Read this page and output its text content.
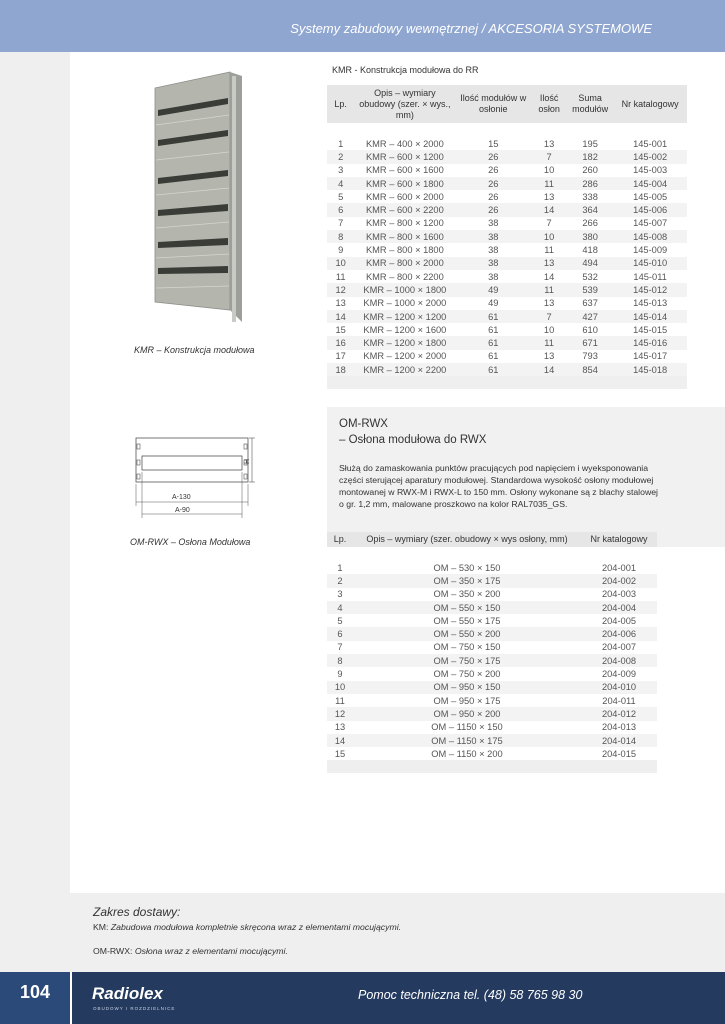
Systemy zabudowy wewnętrznej / AKCESORIA SYSTEMOWE
KMR – Konstrukcja modułowa
KMR - Konstrukcja modułowa do RR
Lp.	Opis – wymiary obudowy (szer. × wys., mm)	Ilość modułów w osłonie	Ilość osłon	Suma modułów	Nr katalogowy

1	KMR – 400 × 2000	15	13	195	145-001
2	KMR – 600 × 1200	26	7	182	145-002
3	KMR – 600 × 1600	26	10	260	145-003
4	KMR – 600 × 1800	26	11	286	145-004
5	KMR – 600 × 2000	26	13	338	145-005
6	KMR – 600 × 2200	26	14	364	145-006
7	KMR – 800 × 1200	38	7	266	145-007
8	KMR – 800 × 1600	38	10	380	145-008
9	KMR – 800 × 1800	38	11	418	145-009
10	KMR – 800 × 2000	38	13	494	145-010
11	KMR – 800 × 2200	38	14	532	145-011
12	KMR – 1000 × 1800	49	11	539	145-012
13	KMR – 1000 × 2000	49	13	637	145-013
14	KMR – 1200 × 1200	61	7	427	145-014
15	KMR – 1200 × 1600	61	10	610	145-015
16	KMR – 1200 × 1800	61	11	671	145-016
17	KMR – 1200 × 2000	61	13	793	145-017
18	KMR – 1200 × 2200	61	14	854	145-018

OM-RWX
– Osłona modułowa do RWX
Służą do zamaskowania punktów pracujących pod napięciem i wyeksponowania części sterującej aparatury modułowej. Standardowa wysokość osłony modułowej montowanej w RWX-M i RWX-L to 150 mm. Osłony wykonane są z blachy stalowej o gr. 1,2 mm, malowane proszkowo na kolor RAL7035_GS.
H
A-130
A-90
OM-RWX – Osłona Modułowa	Lp.	Opis – wymiary (szer. obudowy × wys osłony, mm)	Nr katalogowy

1	OM – 530 × 150	204-001
2	OM – 350 × 175	204-002
3	OM – 350 × 200	204-003
4	OM – 550 × 150	204-004
5	OM – 550 × 175	204-005
6	OM – 550 × 200	204-006
7	OM – 750 × 150	204-007
8	OM – 750 × 175	204-008
9	OM – 750 × 200	204-009
10	OM – 950 × 150	204-010
11	OM – 950 × 175	204-011
12	OM – 950 × 200	204-012
13	OM – 1150 × 150	204-013
14	OM – 1150 × 175	204-014
15	OM – 1150 × 200	204-015

Zakres dostawy:
KM: Zabudowa modułowa kompletnie skręcona wraz z elementami mocującymi.
OM-RWX: Osłona wraz z elementami mocującymi.
104	Radiolex
OBUDOWY I ROZDZIELNICE
Pomoc techniczna tel. (48) 58 765 98 30
